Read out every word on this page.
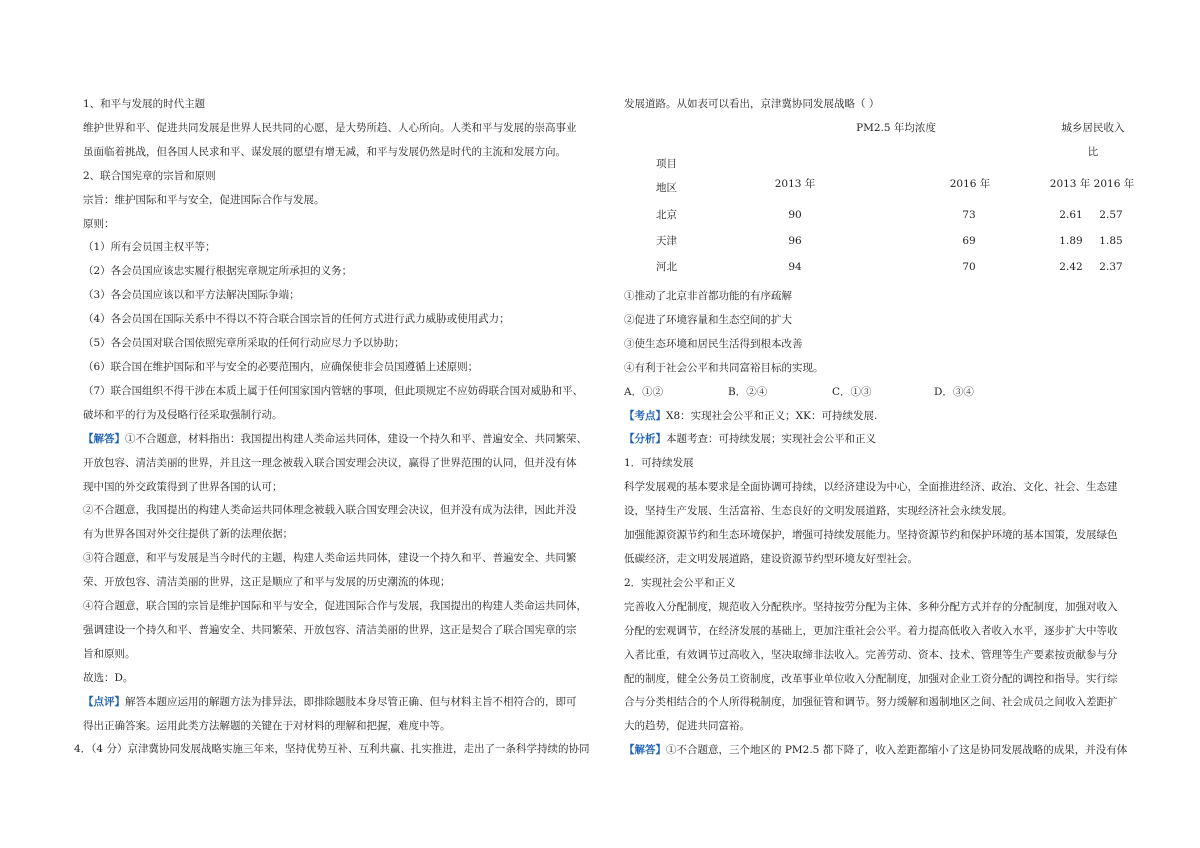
1、和平与发展的时代主题

维护世界和平、促进共同发展是世界人民共同的心愿，是大势所趋、人心所向。人类和平与发展的崇高事业

虽面临着挑战，但各国人民求和平、谋发展的愿望有增无减，和平与发展仍然是时代的主流和发展方向。

2、联合国宪章的宗旨和原则

宗旨：维护国际和平与安全，促进国际合作与发展。

原则：

（1）所有会员国主权平等；

（2）各会员国应该忠实履行根据宪章规定所承担的义务；

（3）各会员国应该以和平方法解决国际争端；

（4）各会员国在国际关系中不得以不符合联合国宗旨的任何方式进行武力威胁或使用武力；

（5）各会员国对联合国依照宪章所采取的任何行动应尽力予以协助；

（6）联合国在维护国际和平与安全的必要范围内，应确保使非会员国遵循上述原则；

（7）联合国组织不得干涉在本质上属于任何国家国内管辖的事项，但此项规定不应妨碍联合国对威胁和平、

破坏和平的行为及侵略行径采取强制行动。

【解答】①不合题意，材料指出：我国提出构建人类命运共同体，建设一个持久和平、普遍安全、共同繁荣、

开放包容、清洁美丽的世界，并且这一理念被载入联合国安理会决议，赢得了世界范围的认同，但并没有体

现中国的外交政策得到了世界各国的认可；

②不合题意，我国提出的构建人类命运共同体理念被载入联合国安理会决议，但并没有成为法律，因此并没

有为世界各国对外交往提供了新的法理依据；

③符合题意，和平与发展是当今时代的主题，构建人类命运共同体，建设一个持久和平、普遍安全、共同繁

荣、开放包容、清洁美丽的世界，这正是顺应了和平与发展的历史潮流的体现；

④符合题意，联合国的宗旨是维护国际和平与安全，促进国际合作与发展，我国提出的构建人类命运共同体，

强调建设一个持久和平、普遍安全、共同繁荣、开放包容、清洁美丽的世界，这正是契合了联合国宪章的宗

旨和原则。

故选：D。

【点评】解答本题应运用的解题方法为排异法，即排除题肢本身尽管正确、但与材料主旨不相符合的，即可

得出正确答案。运用此类方法解题的关键在于对材料的理解和把握，难度中等。

4．（4 分）京津冀协同发展战略实施三年来，坚持优势互补、互利共赢、扎实推进，走出了一条科学持续的协同

发展道路。从如表可以看出，京津冀协同发展战略（ ）

PM2.5 年均浓度	城乡居民收入
比
项目
地区	2013 年	2016 年	2013 年 2016 年
北京	90	73	2.61 2.57
天津	96	69	1.89 1.85
河北	94	70	2.42 2.37

①推动了北京非首都功能的有序疏解

②促进了环境容量和生态空间的扩大

③使生态环境和居民生活得到根本改善

④有利于社会公平和共同富裕目标的实现。

A．①②	B．②④	C．①③	D．③④

【考点】X8：实现社会公平和正义；XK：可持续发展.

【分析】本题考查：可持续发展；实现社会公平和正义

1．可持续发展

科学发展观的基本要求是全面协调可持续，以经济建设为中心，全面推进经济、政治、文化、社会、生态建

设，坚持生产发展、生活富裕、生态良好的文明发展道路，实现经济社会永续发展。

加强能源资源节约和生态环境保护，增强可持续发展能力。坚持资源节约和保护环境的基本国策，发展绿色

低碳经济，走文明发展道路，建设资源节约型环境友好型社会。

2．实现社会公平和正义

完善收入分配制度，规范收入分配秩序。坚持按劳分配为主体、多种分配方式并存的分配制度，加强对收入

分配的宏观调节，在经济发展的基础上，更加注重社会公平。着力提高低收入者收入水平，逐步扩大中等收

入者比重，有效调节过高收入，坚决取缔非法收入。完善劳动、资本、技术、管理等生产要素按贡献参与分

配的制度，健全公务员工资制度，改革事业单位收入分配制度，加强对企业工资分配的调控和指导。实行综

合与分类相结合的个人所得税制度，加强征管和调节。努力缓解和遏制地区之间、社会成员之间收入差距扩

大的趋势，促进共同富裕。

【解答】①不合题意，三个地区的 PM2.5 都下降了，收入差距都缩小了这是协同发展战略的成果，并没有体
